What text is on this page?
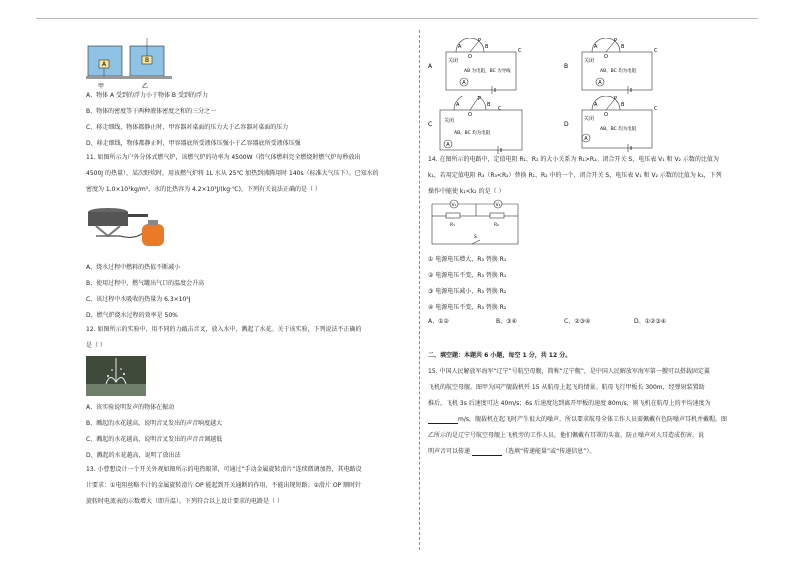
A
B
甲	乙
A、物体 A 受到的浮力小于物体 B 受到的浮力
B、物体的密度等于两种液体密度之和的三分之一
C、移走细线，物体都静止时，甲容器对桌面的压力大于乙容器对桌面的压力
D、移走细线，物体都静止时，甲容器底所受液体压强小于乙容器底所受液体压强
11. 如图所示为户外分体式燃气炉，该燃气炉的功率为 4500W（指气体燃料完全燃烧时燃气炉每秒放出
4500J 的热量），某次野炊时，用该燃气炉将 1L 水从 25℃ 加热到沸腾用时 140s（标准大气压下）。已知水的
密度为 1.0×10³kg/m³，水的比热容为 4.2×10³J/(kg·℃)，下列有关说法正确的是（ ）
A、烧水过程中燃料的热值不断减小
B、使用过程中，燃气罐出气口的温度会升高
C、该过程中水吸收的热量为 6.3×10⁵J
D、燃气炉烧水过程的效率是 50%
12. 如图所示的实验中，用不同的力敲击音叉，放入水中，溅起了水花。关于该实验，下列说法不正确的
是（ ）
A、该实验说明发声的物体在振动
B、溅起的水花越高，说明音叉发出的声音响度越大
C、溅起的水花越高，说明音叉发出的声音音调越低
D、溅起的水花越高，说明了放出法
13. 小曹想设计一个开关外观如图所示的电热眼罩，可通过“手动金属旋转滑片”连续微调加热，其电路设
计要求：①电阻丝略不计的金属旋转滑片 OP 能起到开关通断的作用，不能出现短路；②滑片 OP 顺时针
旋转时电流表的示数增大（即升温）。下列符合以上设计要求的电路是（ ）
A
A
O
B
P
C
关闭
AB 为电阻，BC 为导线
A
B
A
O
B
P
C
关闭
AB、BC 均为电阻
A
C
A
O
B
P
C
关闭
AB、BC 均为电阻
A
D
A
O
B
P
C
关闭
AB、BC 均为电阻
A
14. 在图所示的电路中，定值电阻 R₁、R₂ 的大小关系为 R₁>R₂。闭合开关 S，电压表 V₁ 和 V₂ 示数的比值为
k₁，若用定值电阻 R₃（R₃<R₂）替换 R₁、R₂ 中的一个，闭合开关 S，电压表 V₁ 和 V₂ 示数的比值为 k₂，下列
操作中能使 k₁<k₂ 的是（ ）
V₁	V₂
R₁	R₂
S
① 电源电压增大，R₃ 替换 R₁
② 电源电压不变，R₃ 替换 R₁
③ 电源电压减小，R₃ 替换 R₂
④ 电源电压不变，R₃ 替换 R₂
A、①②	B、③④	C、②③④	D、①②③④
二、填空题：本题共 6 小题，每空 1 分，共 12 分。
15. 中国人民解放军海军“辽宁”号航空母舰，简称“辽宁舰”，是中国人民解放军海军第一艘可以搭载固定翼
飞机的航空母舰。图甲为国产舰载机歼 15 从航母上起飞的情景。航母飞行甲板长 300m，经弹射装置助
推后，飞机 3s 后速度可达 40m/s；6s 后速度达到离开甲板的速度 80m/s，则飞机在航母上的平均速度为
m/s，舰载机在起飞时产生很大的噪声，所以要求航母全体工作人员需佩戴有色防噪声耳机并戴帽，图
乙所示的是辽宁号航空母舰上飞机旁的工作人员，他们佩戴有耳罩的头盔，防止噪声对人耳造成伤害，说
明声音可以传递	（选填“传递能量”或“传递信息”）。
